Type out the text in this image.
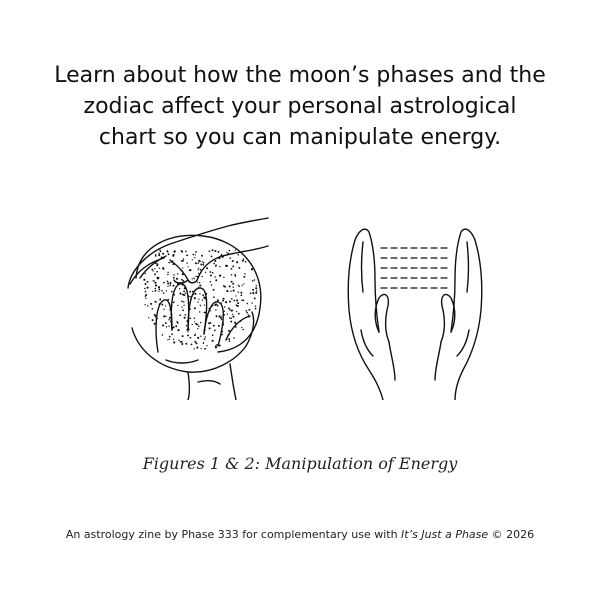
Learn about how the moon’s phases and the
zodiac affect your personal astrological
chart so you can manipulate energy.
Figures 1 & 2: Manipulation of Energy
An astrology zine by Phase 333 for complementary use with It’s Just a Phase © 2026
